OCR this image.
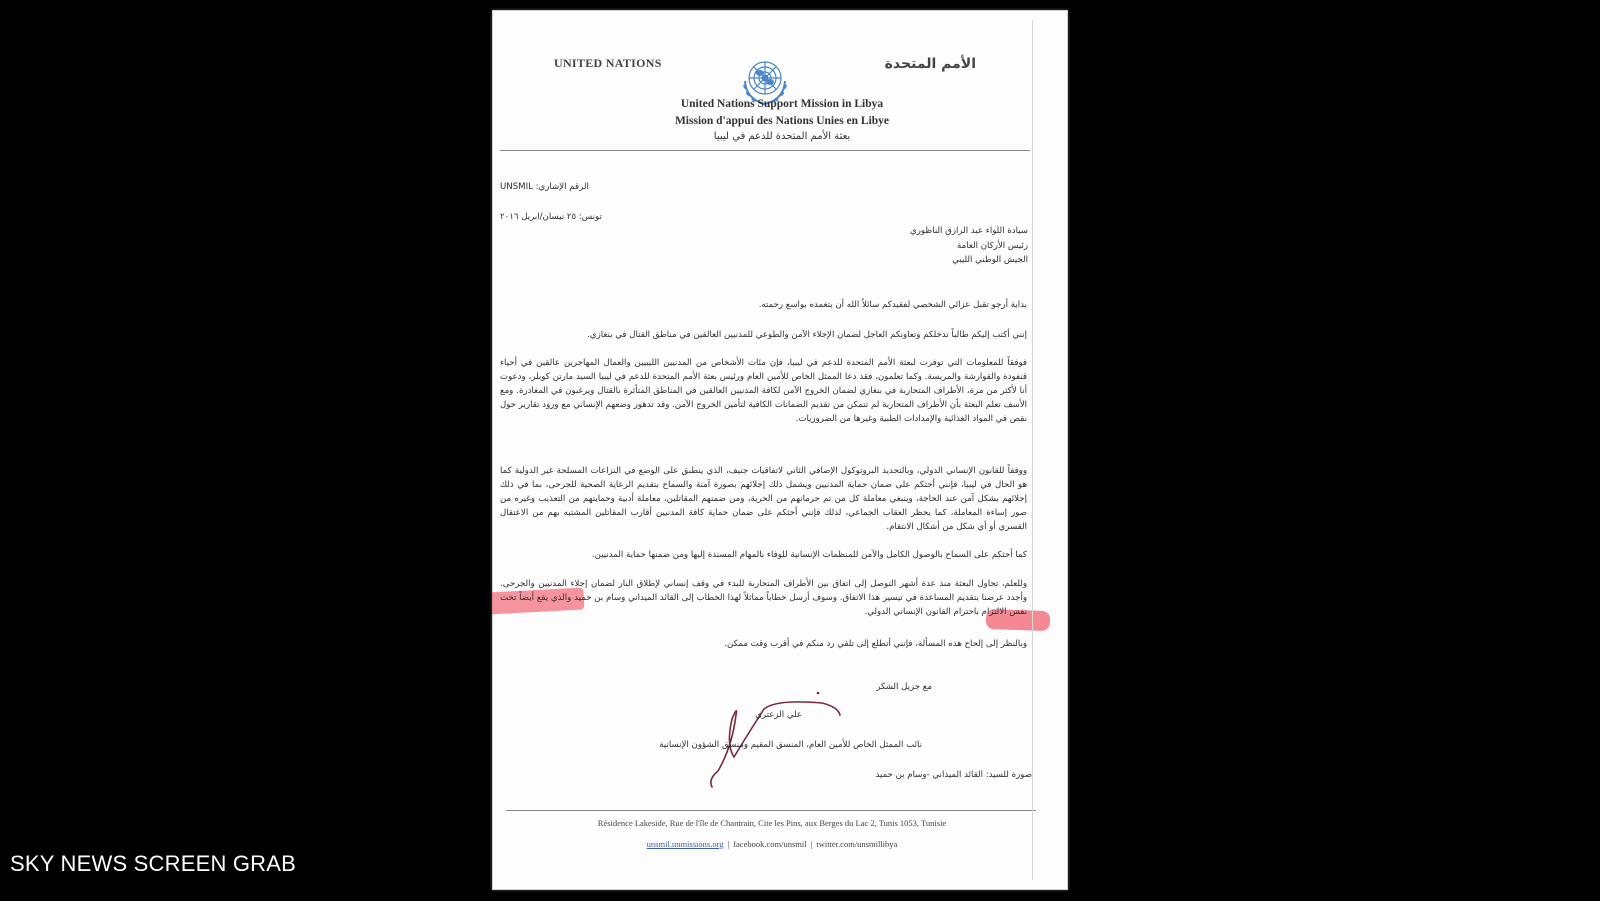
UNITED NATIONS	الأمم المتحدة
United Nations Support Mission in Libya
Mission d'appui des Nations Unies en Libye
بعثة الأمم المتحدة للدعم في ليبيا
UNSMIL الرقم الإشاري:
تونس: ٢٥ نيسان/ابريل ٢٠١٦
سيادة اللواء عبد الرازق الناظوري
رئيس الأركان العامة
الجيش الوطني الليبي
بداية أرجو تقبل عزائي الشخصي لفقيدكم سائلاً الله أن يتغمده بواسع رحمته.
إنني أكتب إليكم طالباً تدخلكم وتعاونكم العاجل لضمان الإجلاء الآمن والطوعي للمدنيين العالقين في مناطق القتال في بنغازي.
فوفقاً للمعلومات التي توفرت لبعثة الأمم المتحدة للدعم في ليبيا، فإن مئات الأشخاص من المدنيين الليبيين والعمال المهاجرين عالقين في أحياء قنفودة والقوارشة والمريسة. وكما تعلمون، فقد دعا الممثل الخاص للأمين العام ورئيس بعثة الأمم المتحدة للدعم في ليبيا السيد مارتن كوبلر، ودعوت أنا لأكثر من مرة، الأطراف المتحاربة في بنغازي لضمان الخروج الآمن لكافة المدنيين العالقين في المناطق المتأثرة بالقتال ويرغبون في المغادرة. ومع الأسف تعلم البعثة بأن الأطراف المتحاربة لم تتمكن من تقديم الضمانات الكافية لتأمين الخروج الآمن. وقد تدهور وضعهم الإنساني مع ورود تقارير حول نقص في المواد الغذائية والإمدادات الطبية وغيرها من الضروريات.
ووفقاً للقانون الإنساني الدولي، وبالتحديد البروتوكول الإضافي الثاني لاتفاقيات جنيف، الذي ينطبق على الوضع في النزاعات المسلحة غير الدولية كما هو الحال في ليبيا، فإنني أحثكم على ضمان حماية المدنيين ويشمل ذلك إجلائهم بصورة آمنة والسماح بتقديم الرعاية الصحية للجرحى، بما في ذلك إجلائهم بشكل آمن عند الحاجة، وينبغي معاملة كل من تم حرمانهم من الحرية، ومن ضمنهم المقاتلين، معاملة أدبية وحمايتهم من التعذيب وغيره من صور إساءة المعاملة، كما يحظر العقاب الجماعي، لذلك فإنني أحثكم على ضمان حماية كافة المدنيين أقارب المقاتلين المشتبه بهم من الاعتقال القسري أو أي شكل من أشكال الانتقام.
كما أحثكم على السماح بالوصول الكامل والآمن للمنظمات الإنسانية للوفاء بالمهام المسندة إليها ومن ضمنها حماية المدنيين.
وللعلم، تحاول البعثة منذ عدة أشهر التوصل إلى اتفاق بين الأطراف المتحاربة للبدء في وقف إنساني لإطلاق النار لضمان إجلاء المدنيين والجرحى. وأجدد عرضنا بتقديم المساعدة في تيسير هذا الاتفاق. وسوف أرسل خطاباً مماثلاً لهذا الخطاب إلى القائد الميداني وسام بن حميد والذي يقع أيضاً تحت نفس الالتزام باحترام القانون الإنساني الدولي.
وبالنظر إلى إلحاح هذه المسألة، فإنني أتطلع إلى تلقي رد منكم في أقرب وقت ممكن.
مع جزيل الشكر
علي الزعتري
نائب الممثل الخاص للأمين العام، المنسق المقيم ومنسق الشؤون الإنسانية
صورة للسيد: القائد الميداني -وسام بن حميد
Résidence Lakeside, Rue de l'île de Chantrain, Cite les Pins, aux Berges du Lac 2, Tunis 1053, Tunisie
unsmil.unmissions.org | facebook.com/unsmil | twitter.com/unsmillibya
SKY NEWS SCREEN GRAB
